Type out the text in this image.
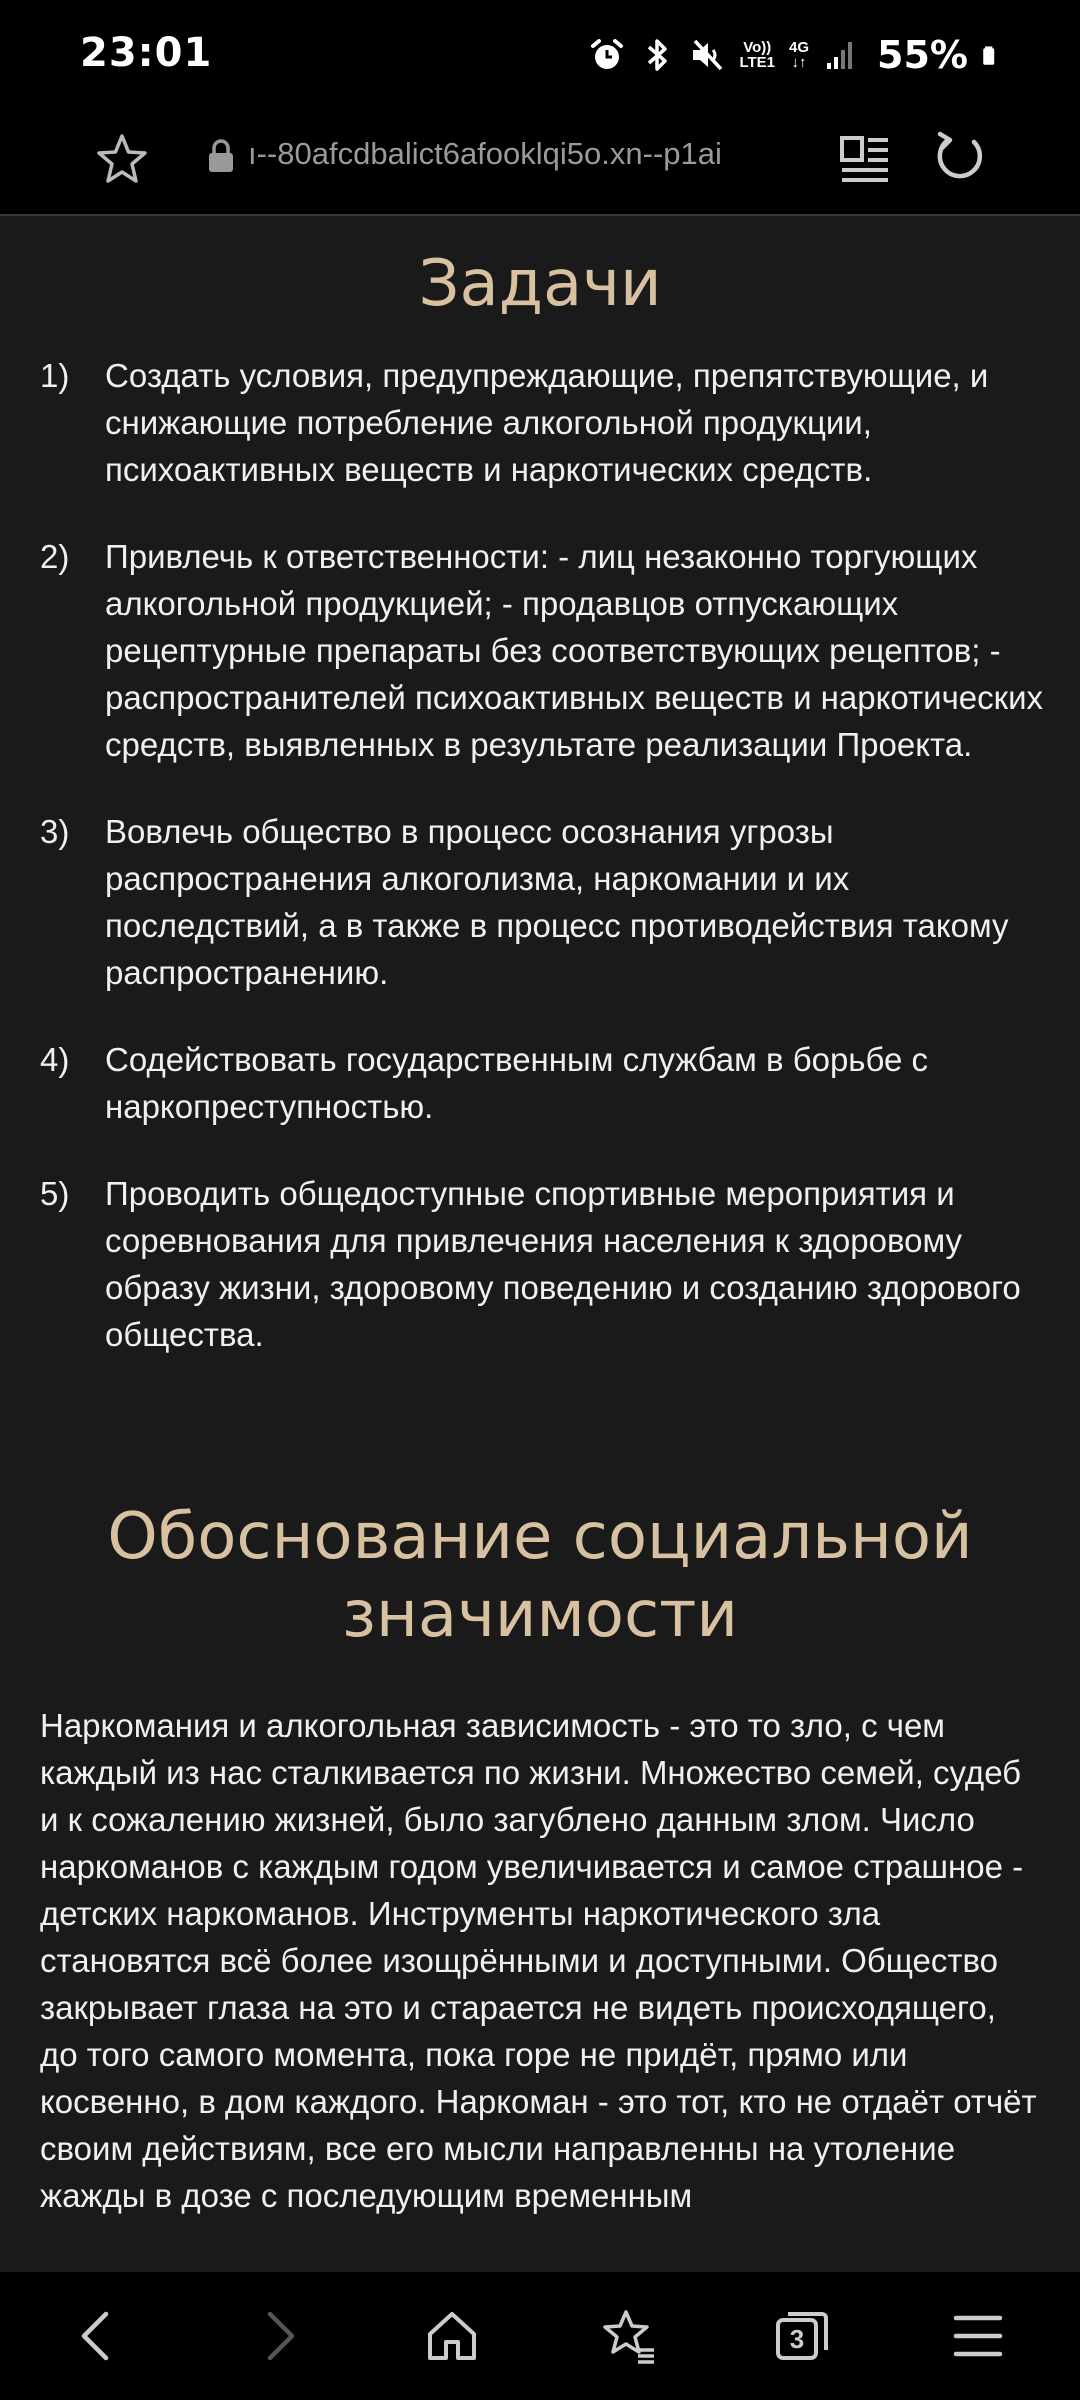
23:01	Vo))
LTE1
4G
↓↑ 55%
ı--80afcdbalict6afooklqi5o.xn--p1ai
Задачи
1) Создать условия, предупреждающие, препятствующие, и снижающие потребление алкогольной продукции, психоактивных веществ и наркотических средств.
2) Привлечь к ответственности: - лиц незаконно торгующих алкогольной продукцией; - продавцов отпускающих рецептурные препараты без соответствующих рецептов; - распространителей психоактивных веществ и наркотических средств, выявленных в результате реализации Проекта.
3) Вовлечь общество в процесс осознания угрозы распространения алкоголизма, наркомании и их последствий, а в также в процесс противодействия такому распространению.
4) Содействовать государственным службам в борьбе с наркопреступностью.
5) Проводить общедоступные спортивные мероприятия и соревнования для привлечения населения к здоровому образу жизни, здоровому поведению и созданию здорового общества.
Обоснование социальной значимости

Наркомания и алкогольная зависимость - это то зло, с чем каждый из нас сталкивается по жизни. Множество семей, судеб и к сожалению жизней, было загублено данным злом. Число наркоманов с каждым годом увеличивается и самое страшное - детских наркоманов. Инструменты наркотического зла становятся всё более изощрёнными и доступными. Общество закрывает глаза на это и старается не видеть происходящего, до того самого момента, пока горе не придёт, прямо или косвенно, в дом каждого. Наркоман - это тот, кто не отдаёт отчёт своим действиям, все его мысли направленны на утоление жажды в дозе с последующим временным

3
